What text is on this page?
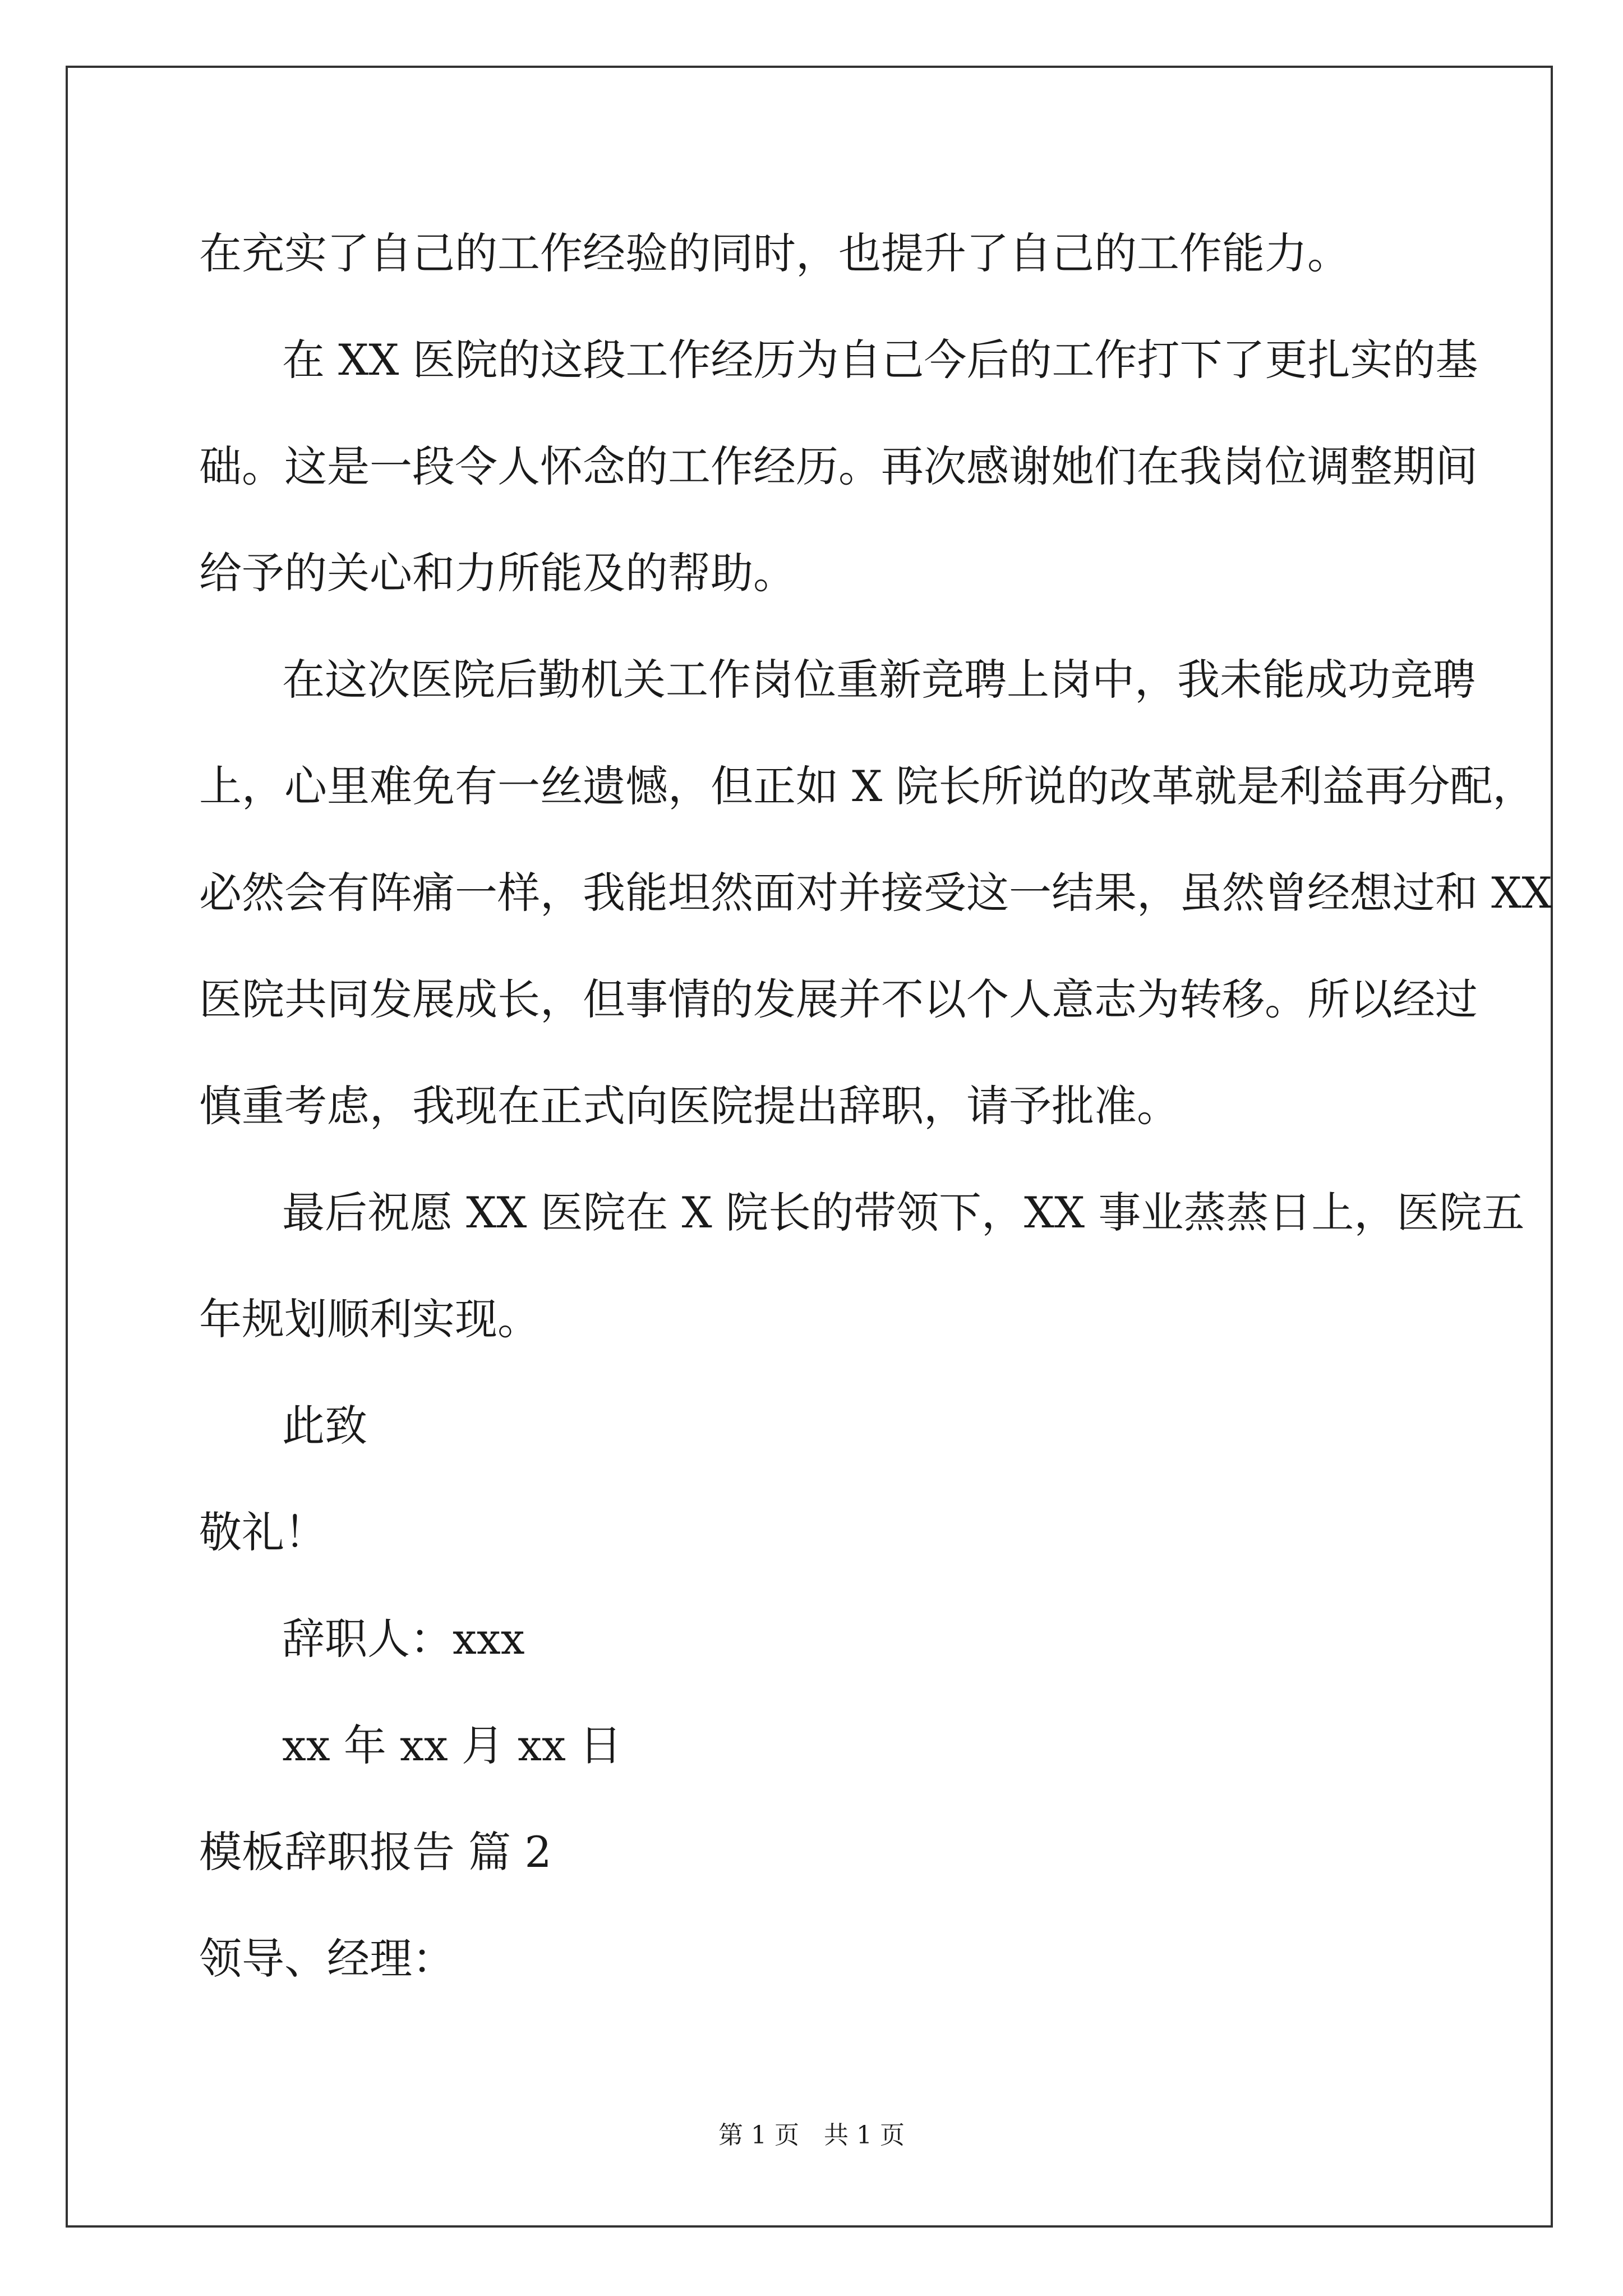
在充实了自己的工作经验的同时，也提升了自己的工作能力。
在 XX 医院的这段工作经历为自己今后的工作打下了更扎实的基
础。这是一段令人怀念的工作经历。再次感谢她们在我岗位调整期间
给予的关心和力所能及的帮助。
在这次医院后勤机关工作岗位重新竞聘上岗中，我未能成功竞聘
上，心里难免有一丝遗憾，但正如 X 院长所说的改革就是利益再分配，
必然会有阵痛一样，我能坦然面对并接受这一结果，虽然曾经想过和 XX
医院共同发展成长，但事情的发展并不以个人意志为转移。所以经过
慎重考虑，我现在正式向医院提出辞职，请予批准。
最后祝愿 XX 医院在 X 院长的带领下，XX 事业蒸蒸日上，医院五
年规划顺利实现。
此致
敬礼！
辞职人：xxx
xx 年 xx 月 xx 日
模板辞职报告 篇 2
领导、经理：
第 1 页　共 1 页
